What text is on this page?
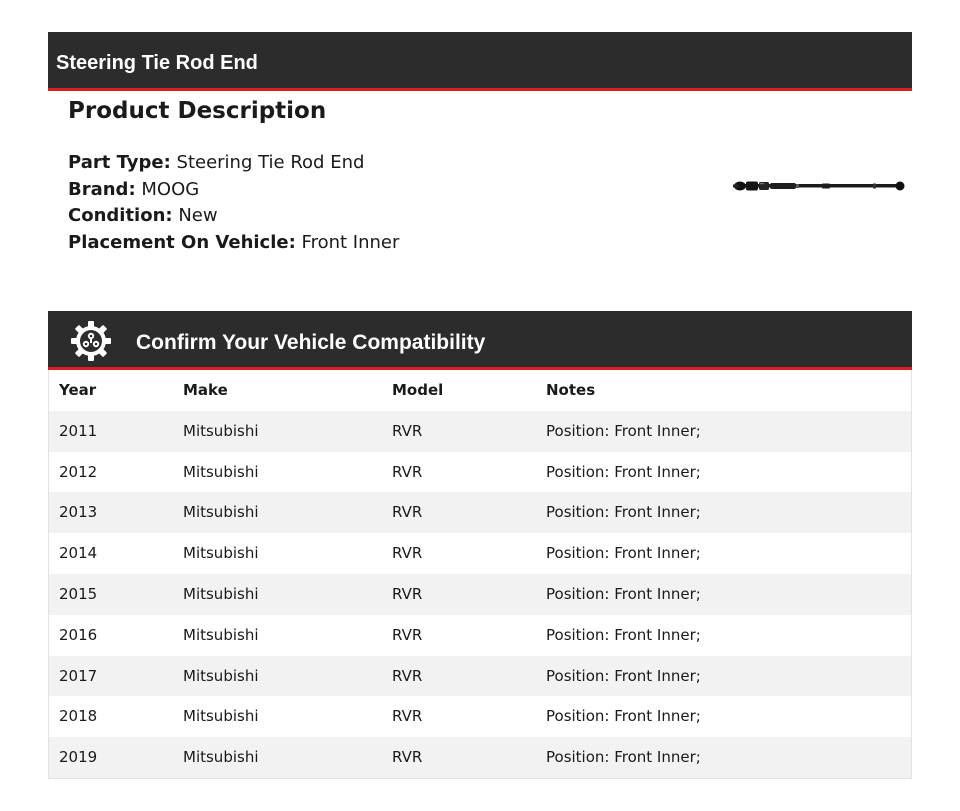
Steering Tie Rod End
Product Description
Part Type: Steering Tie Rod End
Brand: MOOG
Condition: New
Placement On Vehicle: Front Inner
Confirm Your Vehicle Compatibility
Year	Make	Model	Notes
2011	Mitsubishi	RVR	Position: Front Inner;
2012	Mitsubishi	RVR	Position: Front Inner;
2013	Mitsubishi	RVR	Position: Front Inner;
2014	Mitsubishi	RVR	Position: Front Inner;
2015	Mitsubishi	RVR	Position: Front Inner;
2016	Mitsubishi	RVR	Position: Front Inner;
2017	Mitsubishi	RVR	Position: Front Inner;
2018	Mitsubishi	RVR	Position: Front Inner;
2019	Mitsubishi	RVR	Position: Front Inner;
